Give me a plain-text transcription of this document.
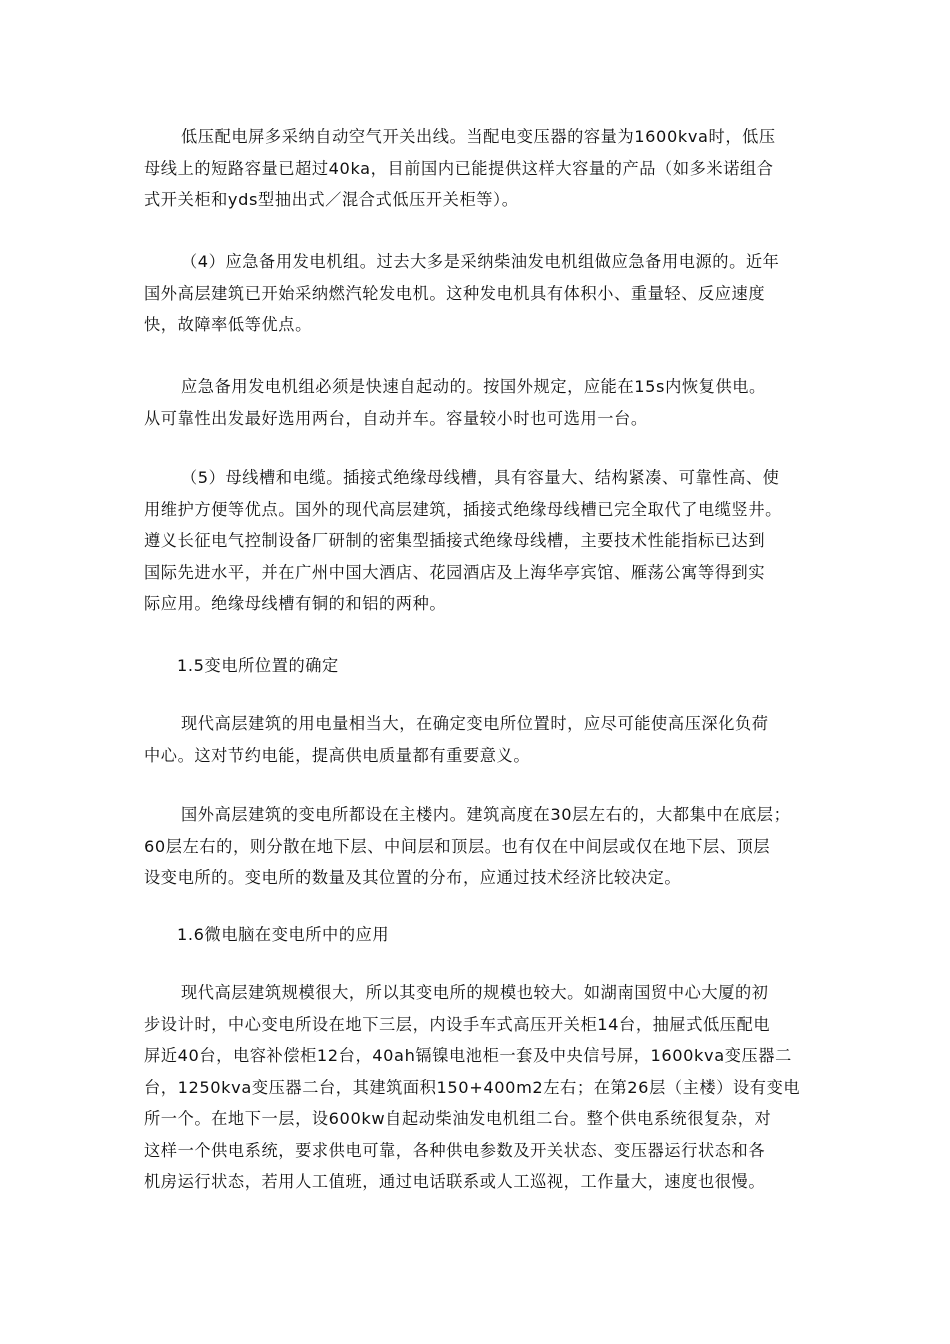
低压配电屏多采纳自动空气开关出线。当配电变压器的容量为1600kva时，低压
母线上的短路容量已超过40ka，目前国内已能提供这样大容量的产品（如多米诺组合
式开关柜和yds型抽出式／混合式低压开关柜等）。
（4）应急备用发电机组。过去大多是采纳柴油发电机组做应急备用电源的。近年
国外高层建筑已开始采纳燃汽轮发电机。这种发电机具有体积小、重量轻、反应速度
快，故障率低等优点。
应急备用发电机组必须是快速自起动的。按国外规定，应能在15s内恢复供电。
从可靠性出发最好选用两台，自动并车。容量较小时也可选用一台。
（5）母线槽和电缆。插接式绝缘母线槽，具有容量大、结构紧凑、可靠性高、使
用维护方便等优点。国外的现代高层建筑，插接式绝缘母线槽已完全取代了电缆竖井。
遵义长征电气控制设备厂研制的密集型插接式绝缘母线槽，主要技术性能指标已达到
国际先进水平，并在广州中国大酒店、花园酒店及上海华亭宾馆、雁荡公寓等得到实
际应用。绝缘母线槽有铜的和铝的两种。
1.5变电所位置的确定
现代高层建筑的用电量相当大，在确定变电所位置时，应尽可能使高压深化负荷
中心。这对节约电能，提高供电质量都有重要意义。
国外高层建筑的变电所都设在主楼内。建筑高度在30层左右的，大都集中在底层；
60层左右的，则分散在地下层、中间层和顶层。也有仅在中间层或仅在地下层、顶层
设变电所的。变电所的数量及其位置的分布，应通过技术经济比较决定。
1.6微电脑在变电所中的应用
现代高层建筑规模很大，所以其变电所的规模也较大。如湖南国贸中心大厦的初
步设计时，中心变电所设在地下三层，内设手车式高压开关柜14台，抽屉式低压配电
屏近40台，电容补偿柜12台，40ah镉镍电池柜一套及中央信号屏，1600kva变压器二
台，1250kva变压器二台，其建筑面积150+400m2左右；在第26层（主楼）设有变电
所一个。在地下一层，设600kw自起动柴油发电机组二台。整个供电系统很复杂，对
这样一个供电系统，要求供电可靠，各种供电参数及开关状态、变压器运行状态和各
机房运行状态，若用人工值班，通过电话联系或人工巡视，工作量大，速度也很慢。
